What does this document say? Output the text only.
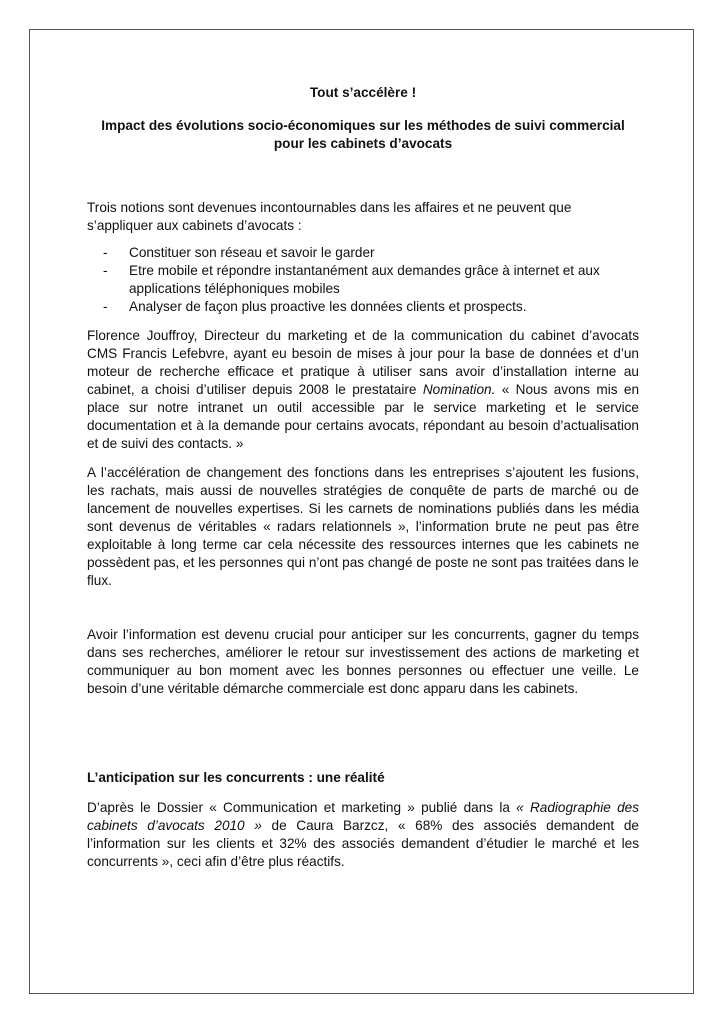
Tout s’accélère !

Impact des évolutions socio-économiques sur les méthodes de suivi commercial
pour les cabinets d’avocats

Trois notions sont devenues incontournables dans les affaires et ne peuvent que s’appliquer aux cabinets d’avocats :

- Constituer son réseau et savoir le garder
- Etre mobile et répondre instantanément aux demandes grâce à internet et aux applications téléphoniques mobiles
- Analyser de façon plus proactive les données clients et prospects.

Florence Jouffroy, Directeur du marketing et de la communication du cabinet d’avocats CMS Francis Lefebvre, ayant eu besoin de mises à jour pour la base de données et d’un moteur de recherche efficace et pratique à utiliser sans avoir d’installation interne au cabinet, a choisi d’utiliser depuis 2008 le prestataire Nomination. « Nous avons mis en place sur notre intranet un outil accessible par le service marketing et le service documentation et à la demande pour certains avocats, répondant au besoin d’actualisation et de suivi des contacts. »

A l’accélération de changement des fonctions dans les entreprises s’ajoutent les fusions, les rachats, mais aussi de nouvelles stratégies de conquête de parts de marché ou de lancement de nouvelles expertises. Si les carnets de nominations publiés dans les média sont devenus de véritables « radars relationnels », l’information brute ne peut pas être exploitable à long terme car cela nécessite des ressources internes que les cabinets ne possèdent pas, et les personnes qui n’ont pas changé de poste ne sont pas traitées dans le flux.

Avoir l’information est devenu crucial pour anticiper sur les concurrents, gagner du temps dans ses recherches, améliorer le retour sur investissement des actions de marketing et communiquer au bon moment avec les bonnes personnes ou effectuer une veille. Le besoin d’une véritable démarche commerciale est donc apparu dans les cabinets.

L’anticipation sur les concurrents : une réalité

D’après le Dossier « Communication et marketing » publié dans la « Radiographie des cabinets d’avocats 2010 » de Caura Barzcz, « 68% des associés demandent de l’information sur les clients et 32% des associés demandent d’étudier le marché et les concurrents », ceci afin d’être plus réactifs.
